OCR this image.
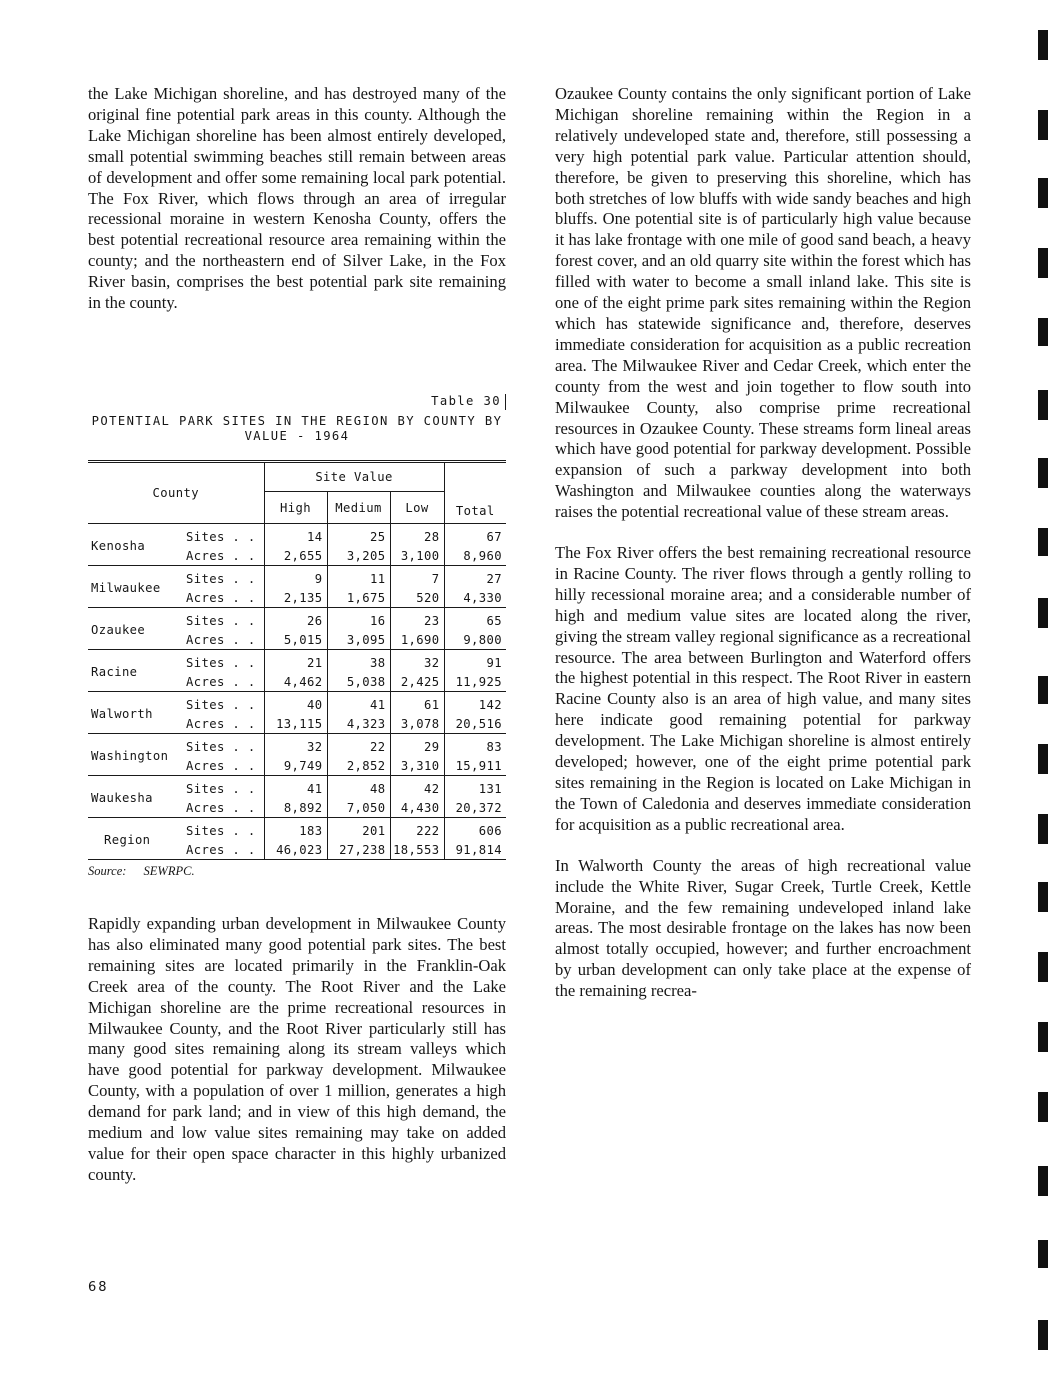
the Lake Michigan shoreline, and has destroyed many of the original fine potential park areas in this county. Although the Lake Michigan shoreline has been almost entirely developed, small potential swimming beaches still remain between areas of development and offer some remaining local park potential. The Fox River, which flows through an area of irregular recessional moraine in western Kenosha County, offers the best potential recreational resource area remaining within the county; and the northeastern end of Silver Lake, in the Fox River basin, comprises the best potential park site remaining in the county.

Table 30
POTENTIAL PARK SITES IN THE REGION BY COUNTY BY VALUE - 1964
County		Site Value			Total
		High	Medium	Low	
Kenosha	Sites . .	14	25	28	67
	Acres . .	2,655	3,205	3,100	8,960
Milwaukee	Sites . .	9	11	7	27
	Acres . .	2,135	1,675	520	4,330
Ozaukee	Sites . .	26	16	23	65
	Acres . .	5,015	3,095	1,690	9,800
Racine	Sites . .	21	38	32	91
	Acres . .	4,462	5,038	2,425	11,925
Walworth	Sites . .	40	41	61	142
	Acres . .	13,115	4,323	3,078	20,516
Washington	Sites . .	32	22	29	83
	Acres . .	9,749	2,852	3,310	15,911
Waukesha	Sites . .	41	48	42	131
	Acres . .	8,892	7,050	4,430	20,372
Region	Sites . .	183	201	222	606
	Acres . .	46,023	27,238	18,553	91,814
Source: SEWRPC.

Rapidly expanding urban development in Milwaukee County has also eliminated many good potential park sites. The best remaining sites are located primarily in the Franklin-Oak Creek area of the county. The Root River and the Lake Michigan shoreline are the prime recreational resources in Milwaukee County, and the Root River particularly still has many good sites remaining along its stream valleys which have good potential for parkway development. Milwaukee County, with a population of over 1 million, generates a high demand for park land; and in view of this high demand, the medium and low value sites remaining may take on added value for their open space character in this highly urbanized county.

Ozaukee County contains the only significant portion of Lake Michigan shoreline remaining within the Region in a relatively undeveloped state and, therefore, still possessing a very high potential park value. Particular attention should, therefore, be given to preserving this shoreline, which has both stretches of low bluffs with wide sandy beaches and high bluffs. One potential site is of particularly high value because it has lake frontage with one mile of good sand beach, a heavy forest cover, and an old quarry site within the forest which has filled with water to become a small inland lake. This site is one of the eight prime park sites remaining within the Region which has statewide significance and, therefore, deserves immediate consideration for acquisition as a public recreation area. The Milwaukee River and Cedar Creek, which enter the county from the west and join together to flow south into Milwaukee County, also comprise prime recreational resources in Ozaukee County. These streams form lineal areas which have good potential for parkway development. Possible expansion of such a parkway development into both Washington and Milwaukee counties along the waterways raises the potential recreational value of these stream areas.

The Fox River offers the best remaining recreational resource in Racine County. The river flows through a gently rolling to hilly recessional moraine area; and a considerable number of high and medium value sites are located along the river, giving the stream valley regional significance as a recreational resource. The area between Burlington and Waterford offers the highest potential in this respect. The Root River in eastern Racine County also is an area of high value, and many sites here indicate good remaining potential for parkway development. The Lake Michigan shoreline is almost entirely developed; however, one of the eight prime potential park sites remaining in the Region is located on Lake Michigan in the Town of Caledonia and deserves immediate consideration for acquisition as a public recreational area.

In Walworth County the areas of high recreational value include the White River, Sugar Creek, Turtle Creek, Kettle Moraine, and the few remaining undeveloped inland lake areas. The most desirable frontage on the lakes has now been almost totally occupied, however; and further encroachment by urban development can only take place at the expense of the remaining recrea-

68
